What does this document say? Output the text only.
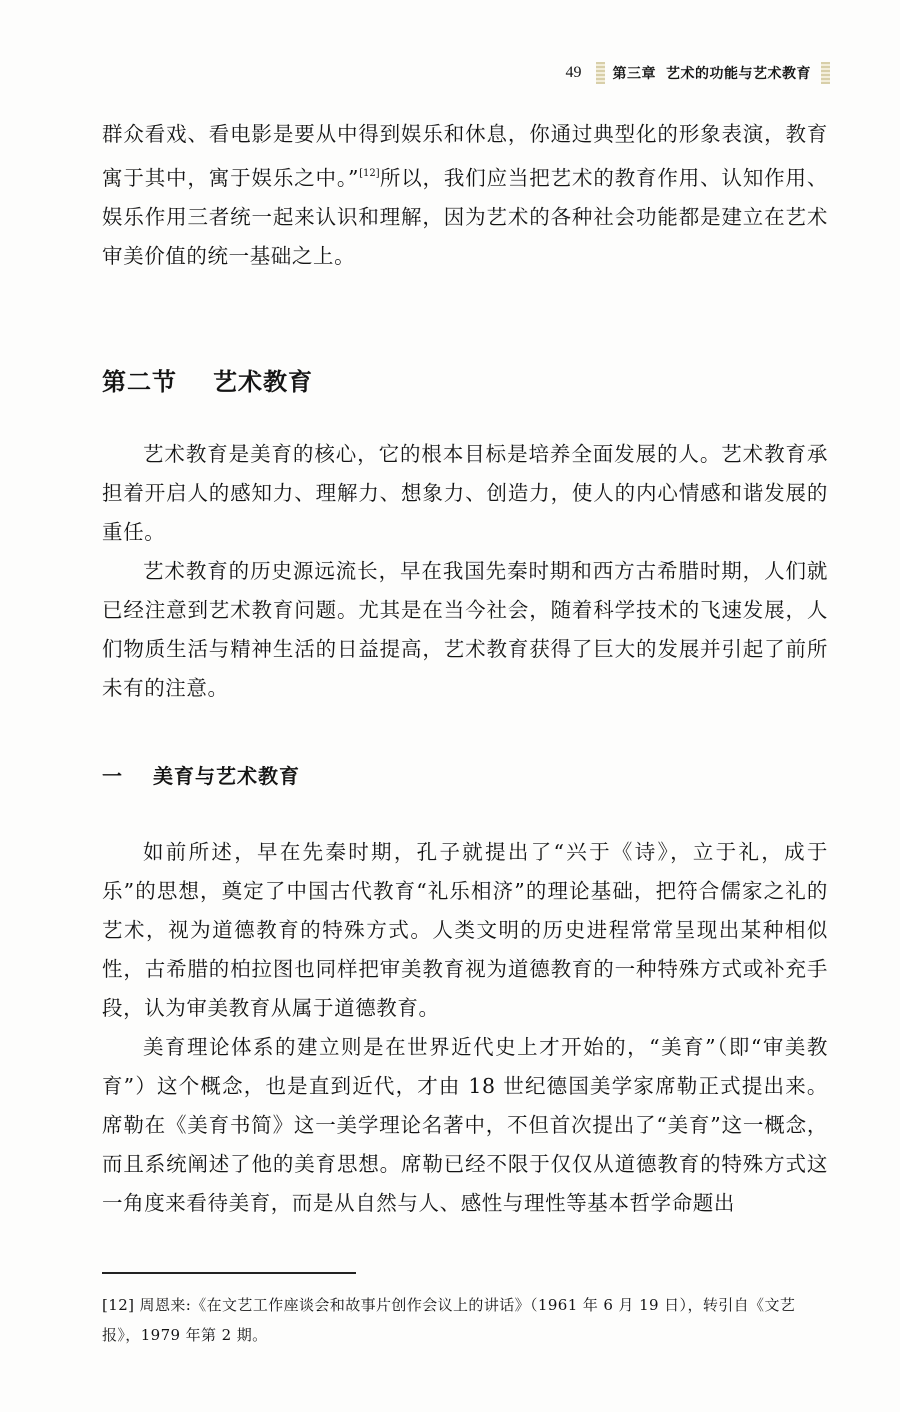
49 第三章 艺术的功能与艺术教育

群众看戏、看电影是要从中得到娱乐和休息，你通过典型化的形象表演，教育寓于其中，寓于娱乐之中。”[12]所以，我们应当把艺术的教育作用、认知作用、娱乐作用三者统一起来认识和理解，因为艺术的各种社会功能都是建立在艺术审美价值的统一基础之上。

第二节 艺术教育

艺术教育是美育的核心，它的根本目标是培养全面发展的人。艺术教育承担着开启人的感知力、理解力、想象力、创造力，使人的内心情感和谐发展的重任。

艺术教育的历史源远流长，早在我国先秦时期和西方古希腊时期，人们就已经注意到艺术教育问题。尤其是在当今社会，随着科学技术的飞速发展，人们物质生活与精神生活的日益提高，艺术教育获得了巨大的发展并引起了前所未有的注意。

一 美育与艺术教育

如前所述，早在先秦时期，孔子就提出了“兴于《诗》，立于礼，成于乐”的思想，奠定了中国古代教育“礼乐相济”的理论基础，把符合儒家之礼的艺术，视为道德教育的特殊方式。人类文明的历史进程常常呈现出某种相似性，古希腊的柏拉图也同样把审美教育视为道德教育的一种特殊方式或补充手段，认为审美教育从属于道德教育。

美育理论体系的建立则是在世界近代史上才开始的，“美育”（即“审美教育”）这个概念，也是直到近代，才由 18 世纪德国美学家席勒正式提出来。席勒在《美育书简》这一美学理论名著中，不但首次提出了“美育”这一概念，而且系统阐述了他的美育思想。席勒已经不限于仅仅从道德教育的特殊方式这一角度来看待美育，而是从自然与人、感性与理性等基本哲学命题出

[12] 周恩来:《在文艺工作座谈会和故事片创作会议上的讲话》（1961 年 6 月 19 日），转引自《文艺报》，1979 年第 2 期。
